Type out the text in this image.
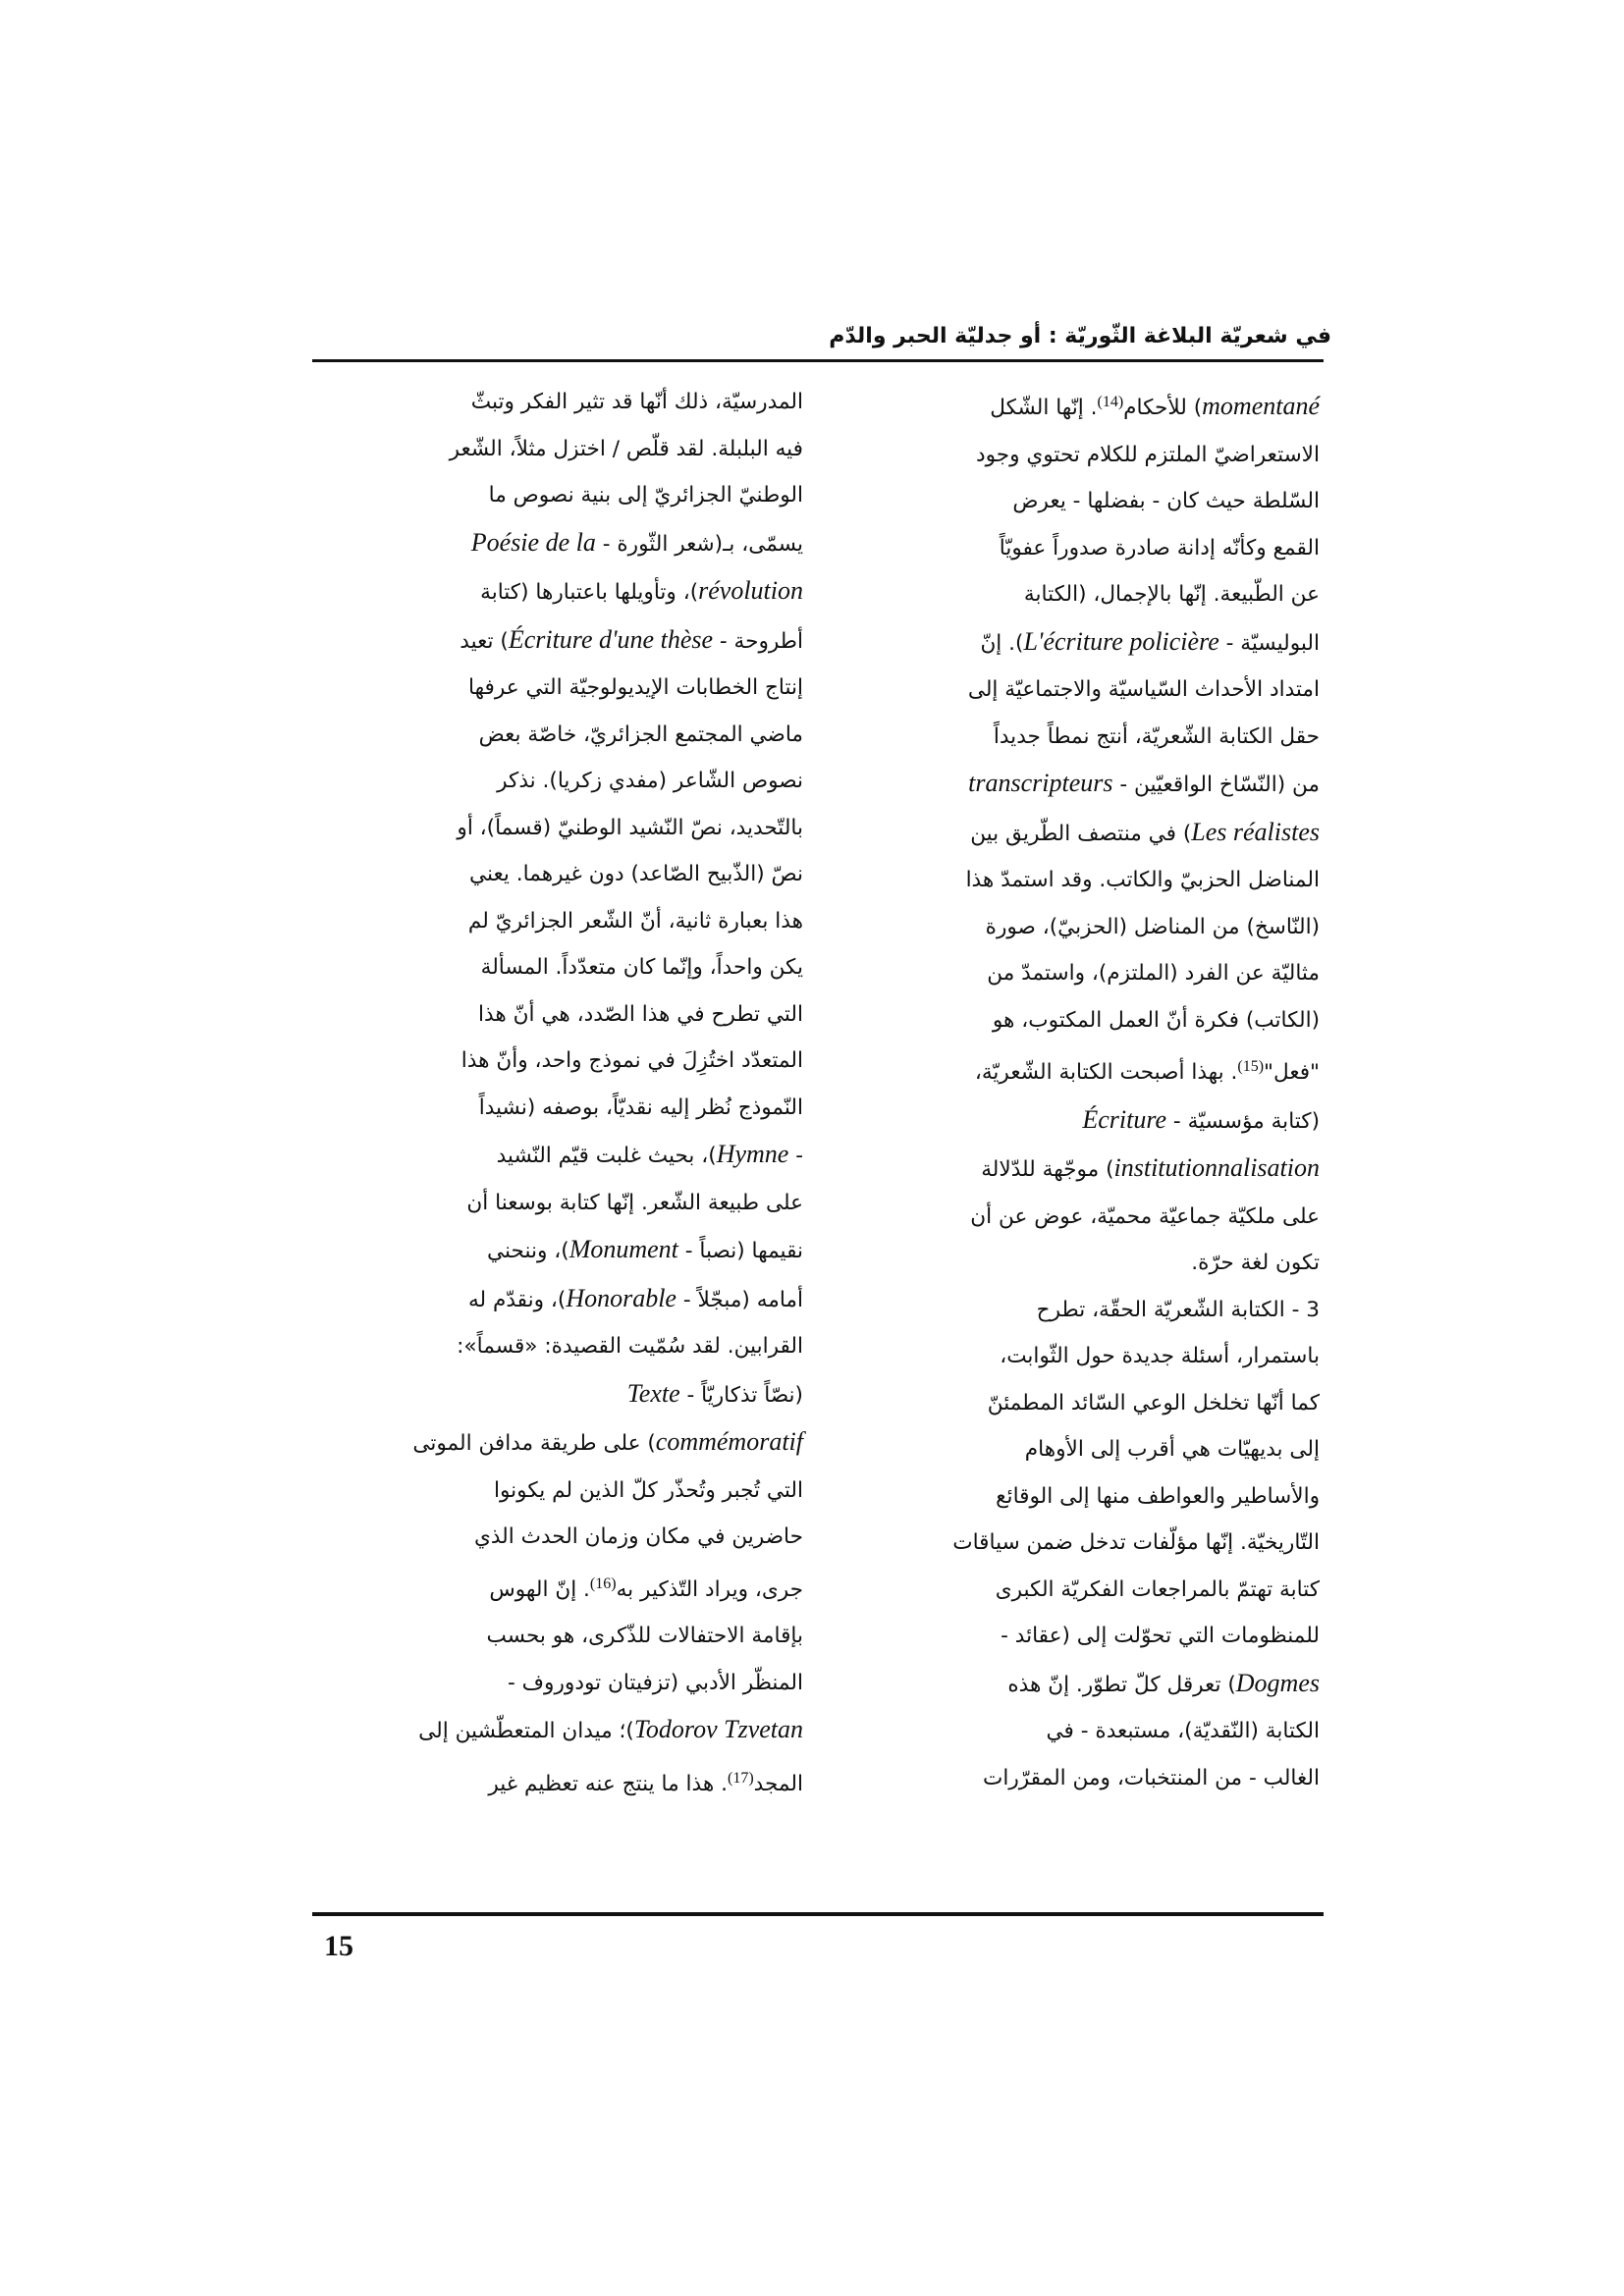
في شعريّة البلاغة الثّوريّة : أو جدليّة الحبر والدّم

momentané) للأحكام$^{(14)}$. إنّها الشّكل

الاستعراضيّ الملتزم للكلام تحتوي وجود

السّلطة حيث كان - بفضلها - يعرض

القمع وكأنّه إدانة صادرة صدوراً عفويّاً

عن الطّبيعة. إنّها بالإجمال، (الكتابة

البوليسيّة - L'écriture policière). إنّ

امتداد الأحداث السّياسيّة والاجتماعيّة إلى

حقل الكتابة الشّعريّة، أنتج نمطاً جديداً

من (النّسّاخ الواقعيّين - transcripteurs

Les réalistes) في منتصف الطّريق بين

المناضل الحزبيّ والكاتب. وقد استمدّ هذا

(النّاسخ) من المناضل (الحزبيّ)، صورة

مثاليّة عن الفرد (الملتزم)، واستمدّ من

(الكاتب) فكرة أنّ العمل المكتوب، هو

"فعل"$^{(15)}$. بهذا أصبحت الكتابة الشّعريّة،

(كتابة مؤسسيّة - Écriture

institutionnalisation) موجّهة للدّلالة

على ملكيّة جماعيّة محميّة، عوض عن أن

تكون لغة حرّة.

3 - الكتابة الشّعريّة الحقّة، تطرح

باستمرار، أسئلة جديدة حول الثّوابت،

كما أنّها تخلخل الوعي السّائد المطمئنّ

إلى بديهيّات هي أقرب إلى الأوهام

والأساطير والعواطف منها إلى الوقائع

التّاريخيّة. إنّها مؤلّفات تدخل ضمن سياقات

كتابة تهتمّ بالمراجعات الفكريّة الكبرى

للمنظومات التي تحوّلت إلى (عقائد -

Dogmes) تعرقل كلّ تطوّر. إنّ هذه

الكتابة (النّقديّة)، مستبعدة - في

الغالب - من المنتخبات، ومن المقرّرات

المدرسيّة، ذلك أنّها قد تثير الفكر وتبثّ

فيه البلبلة. لقد قلّص / اختزل مثلاً، الشّعر

الوطنيّ الجزائريّ إلى بنية نصوص ما

يسمّى، بـ(شعر الثّورة - Poésie de la

révolution)، وتأويلها باعتبارها (كتابة

أطروحة - Écriture d'une thèse) تعيد

إنتاج الخطابات الإيديولوجيّة التي عرفها

ماضي المجتمع الجزائريّ، خاصّة بعض

نصوص الشّاعر (مفدي زكريا). نذكر

بالتّحديد، نصّ النّشيد الوطنيّ (قسماً)، أو

نصّ (الذّبيح الصّاعد) دون غيرهما. يعني

هذا بعبارة ثانية، أنّ الشّعر الجزائريّ لم

يكن واحداً، وإنّما كان متعدّداً. المسألة

التي تطرح في هذا الصّدد، هي أنّ هذا

المتعدّد اختُزِلَ في نموذج واحد، وأنّ هذا

النّموذج نُظر إليه نقديّاً، بوصفه (نشيداً

- Hymne)، بحيث غلبت قيّم النّشيد

على طبيعة الشّعر. إنّها كتابة بوسعنا أن

نقيمها (نصباً - Monument)، وننحني

أمامه (مبجّلاً - Honorable)، ونقدّم له

القرابين. لقد سُمّيت القصيدة: «قسماً»:

(نصّاً تذكاريّاً - Texte

commémoratif) على طريقة مدافن الموتى

التي تُجبر وتُحذّر كلّ الذين لم يكونوا

حاضرين في مكان وزمان الحدث الذي

جرى، ويراد التّذكير به$^{(16)}$. إنّ الهوس

بإقامة الاحتفالات للذّكرى، هو بحسب

المنظّر الأدبي (تزفيتان تودوروف -

Todorov Tzvetan)؛ ميدان المتعطّشين إلى

المجد$^{(17)}$. هذا ما ينتج عنه تعظيم غير

15
